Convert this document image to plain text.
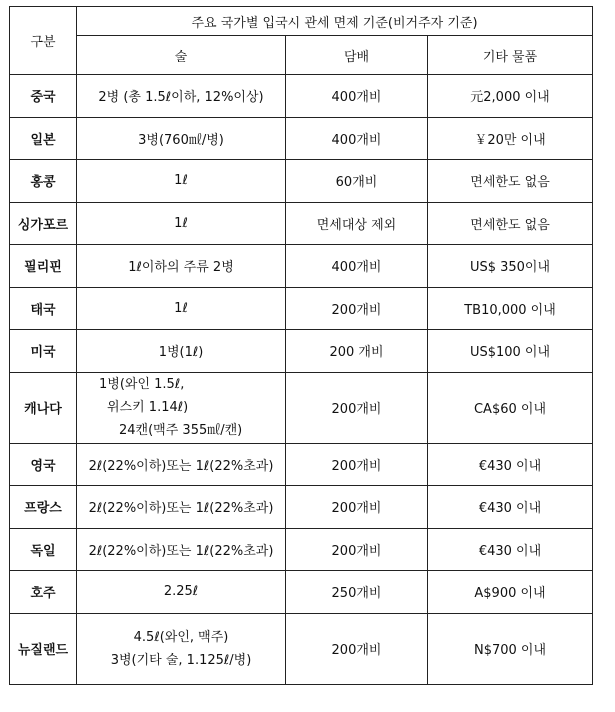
구분	주요 국가별 입국시 관세 면제 기준(비거주자 기준)		
	술	담배	기타 물품
중국	2병 (총 1.5ℓ이하, 12%이상)	400개비	元2,000 이내
일본	3병(760㎖/병)	400개비	￥20만 이내
홍콩	1ℓ	60개비	면세한도 없음
싱가포르	1ℓ	면세대상 제외	면세한도 없음
필리핀	1ℓ이하의 주류 2병	400개비	US$ 350이내
태국	1ℓ	200개비	TB10,000 이내
미국	1병(1ℓ)	200 개비	US$100 이내
캐나다	1병(와인 1.5ℓ,
위스키 1.14ℓ)
24캔(맥주 355㎖/캔)	200개비	CA$60 이내
영국	2ℓ(22%이하)또는 1ℓ(22%초과)	200개비	€430 이내
프랑스	2ℓ(22%이하)또는 1ℓ(22%초과)	200개비	€430 이내
독일	2ℓ(22%이하)또는 1ℓ(22%초과)	200개비	€430 이내
호주	2.25ℓ	250개비	A$900 이내
뉴질랜드	4.5ℓ(와인, 맥주)
3병(기타 술, 1.125ℓ/병)	200개비	N$700 이내
